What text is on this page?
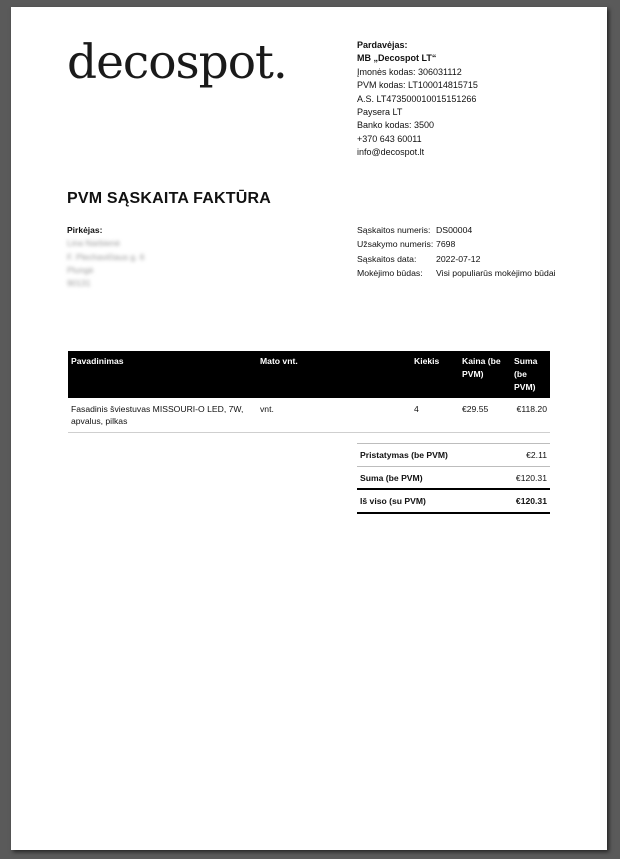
decospot.	Pardavėjas:
MB „Decospot LT“
Įmonės kodas: 306031112
PVM kodas: LT100014815715
A.S. LT473500010015151266
Paysera LT
Banko kodas: 3500
+370 643 60011
info@decospot.lt
PVM SĄSKAITA FAKTŪRA
Pirkėjas:
Lina Narbienė
F. Plechavičiaus g. 6
Plungė
90131
Sąskaitos numeris: DS00004
Užsakymo numeris: 7698
Sąskaitos data:	2022-07-12
Mokėjimo būdas:	Visi populiarūs mokėjimo būdai
Pavadinimas	Mato vnt.	Kiekis	Kaina (be PVM)	Suma (be PVM)
Fasadinis šviestuvas MISSOURI-O LED, 7W, apvalus, pilkas	vnt.	4	€29.55	€118.20
Pristatymas (be PVM)	€2.11
Suma (be PVM)	€120.31
Iš viso (su PVM)	€120.31
